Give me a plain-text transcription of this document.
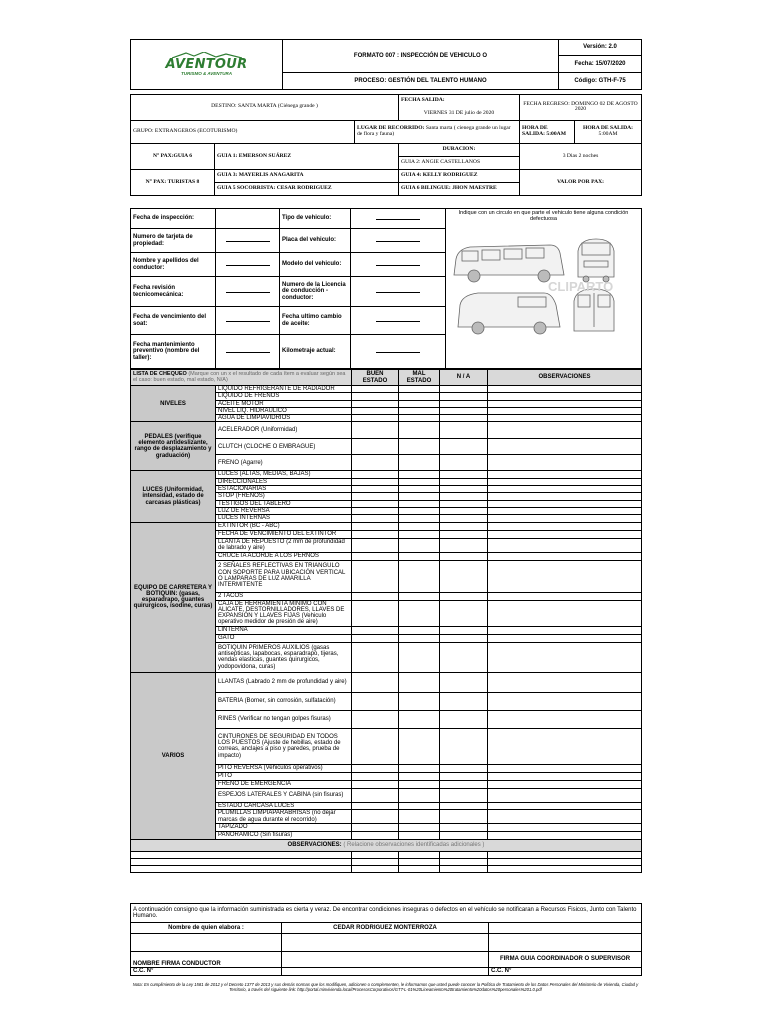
AVENTOUR
TURISMO & AVENTURA	FORMATO 007 : INSPECCIÓN DE VEHICULO O	Versión: 2.0
		Fecha: 15/07/2020
	PROCESO: GESTIÓN DEL TALENTO HUMANO	Código: GTH-F-75
DESTINO: SANTA MARTA (Ciénega grande )			FECHA SALIDA:	FECHA REGRESO: DOMINGO 02 DE AGOSTO 2020	
			VIERNES 31 DE julio de 2020		
GRUPO: EXTRANGEROS (ECOTURISMO)		LUGAR DE RECORRIDO: Santa marta ( cienega grande un lugar de flora y fauna)		HORA DE SALIDA: 5:00AM	HORA DE SALIDA:
5:00AM
N° PAX:GUIA 6	GUIA 1: EMERSON SUÁREZ		DURACION:	3 Dias 2 noches	
			GUIA 2: ANGIE CASTELLANOS		
N° PAX: TURISTAS 8	GUIA 3: MAYERLIS ANAGARITA		GUIA 4: KELLY RODRIGUEZ	VALOR POR PAX:	
	GUIA 5 SOCORRISTA: CESAR RODRIGUEZ		GUIA 6 BILINGUE: JHON MAESTRE		
Fecha de inspección:		Tipo de vehiculo:		Indique con un circulo en que parte el vehiculo tiene alguna condición defectuosa
CLIPARTO

Numero de tarjeta de propiedad:		Placa del vehiculo:		
Nombre y apellidos del conductor:		Modelo del vehiculo:		
Fecha revisión tecnicomecánica:		Numero de la Licencia de conducción -conductor:		
Fecha de vencimiento del soat:		Fecha ultimo cambio de aceite:		
Fecha mantenimiento preventivo (nombre del taller):		Kilometraje actual:		
LISTA DE CHEQUEO (Marque con un x el resultado de cada ítem a evaluar según sea el caso: buen estado, mal estado, N/A)		BUEN ESTADO	MAL ESTADO	N / A	OBSERVACIONES
NIVELES	LIQUIDO REFRIGERANTE DE RADIADOR				
	LIQUIDO DE FRENOS				
	ACEITE MOTOR				
	NIVEL LIQ. HIDRAULICO				
	AGUA DE LIMPIAVIDRIOS				
PEDALES (verifique elemento antideslizante, rango de desplazamiento y graduación)	ACELERADOR (Uniformidad)				
	CLUTCH (CLOCHE O EMBRAGUE)				
	FRENO (Agarre)				
LUCES (Uniformidad, intensidad, estado de carcasas plásticas)	LUCES (ALTAS, MEDIAS, BAJAS)				
	DIRECCIONALES				
	ESTACIONARIAS				
	STOP (FRENOS)				
	TESTIGOS DEL TABLERO				
	LUZ DE REVERSA				
	LUCES INTERNAS				
EQUIPO DE CARRETERA Y BOTIQUIN: (gasas, esparadrapo, guantes quirurgicos, isodine, curas)	EXTINTOR (BC - ABC)				
	FECHA DE VENCIMIENTO DEL EXTINTOR				
	LLANTA DE REPUESTO (2 mm de profundidad de labrado y aire)				
	CRUCETA ACORDE A LOS PERNOS				
	2 SEÑALES REFLECTIVAS EN TRIANGULO CON SOPORTE PARA UBICACIÓN VERTICAL O LAMPARAS DE LUZ AMARILLA INTERMITENTE				
	2 TACOS				
	CAJA DE HERRAMIENTA MINIMO CON ALICATE, DESTORNILLADORES, LLAVES DE EXPANSIÓN Y LLAVES FIJAS (Vehiculo operativo medidor de presión de aire)				
	LINTERNA				
	GATO				
	BOTIQUIN PRIMEROS AUXILIOS (gasas antisepticas, lapabocas, esparadrapo, tijeras, vendas elasticas, guantes quirurgicos, yodopovidona, curas)				
VARIOS	LLANTAS (Labrado 2 mm de profundidad y aire)				
	BATERIA (Borner, sin corrosión, sulfatación)				
	RINES (Verificar no tengan golpes fisuras)				
	CINTURONES DE SEGURIDAD EN TODOS LOS PUESTOS (Ajuste de hebillas, estado de correas, anclajes a piso y paredes, prueba de impacto)				
	PITO REVERSA (Vehiculos operativos)				
	PITO				
	FRENO DE EMERGENCIA				
	ESPEJOS LATERALES Y CABINA (sin fisuras)				
	ESTADO CARCASA LUCES				
	PLUMILLAS LIMPIAPARABRISAS (no dejar marcas de agua durante el recorrido)				
	TAPIZADO				
	PANORAMICO (Sin fisuras)				
OBSERVACIONES: ( Relacione observaciones identificadas adicionales )					

A continuación consigno que la información suministrada es cierta y veraz. De encontrar condiciones inseguras o defectos en el vehículo se notificaran a Recursos Fisicos, Junto con Talento Humano.		
Nombre de quien elabora :	CEDAR RODRIGUEZ MONTERROZA	

NOMBRE FIRMA CONDUCTOR		FIRMA GUIA COORDINADOR O SUPERVISOR
C.C. N°		C.C. N°
Nota: En cumplimiento de la Ley 1581 de 2012 y el Decreto 1377 de 2013 y sus demás normas que los modifiquen, adicionen o complementen, le informamos que usted puede conocer la Política de Tratamiento de los Datos Personales del Ministerio de Vivienda, Ciudad y Territorio, a través del siguiente link: http://portal.minvivienda.local/ProcesosCorporativos/GTT-L-01%20Lineamiento%20tratamiento%20datos%20personales%201.0.pdf
